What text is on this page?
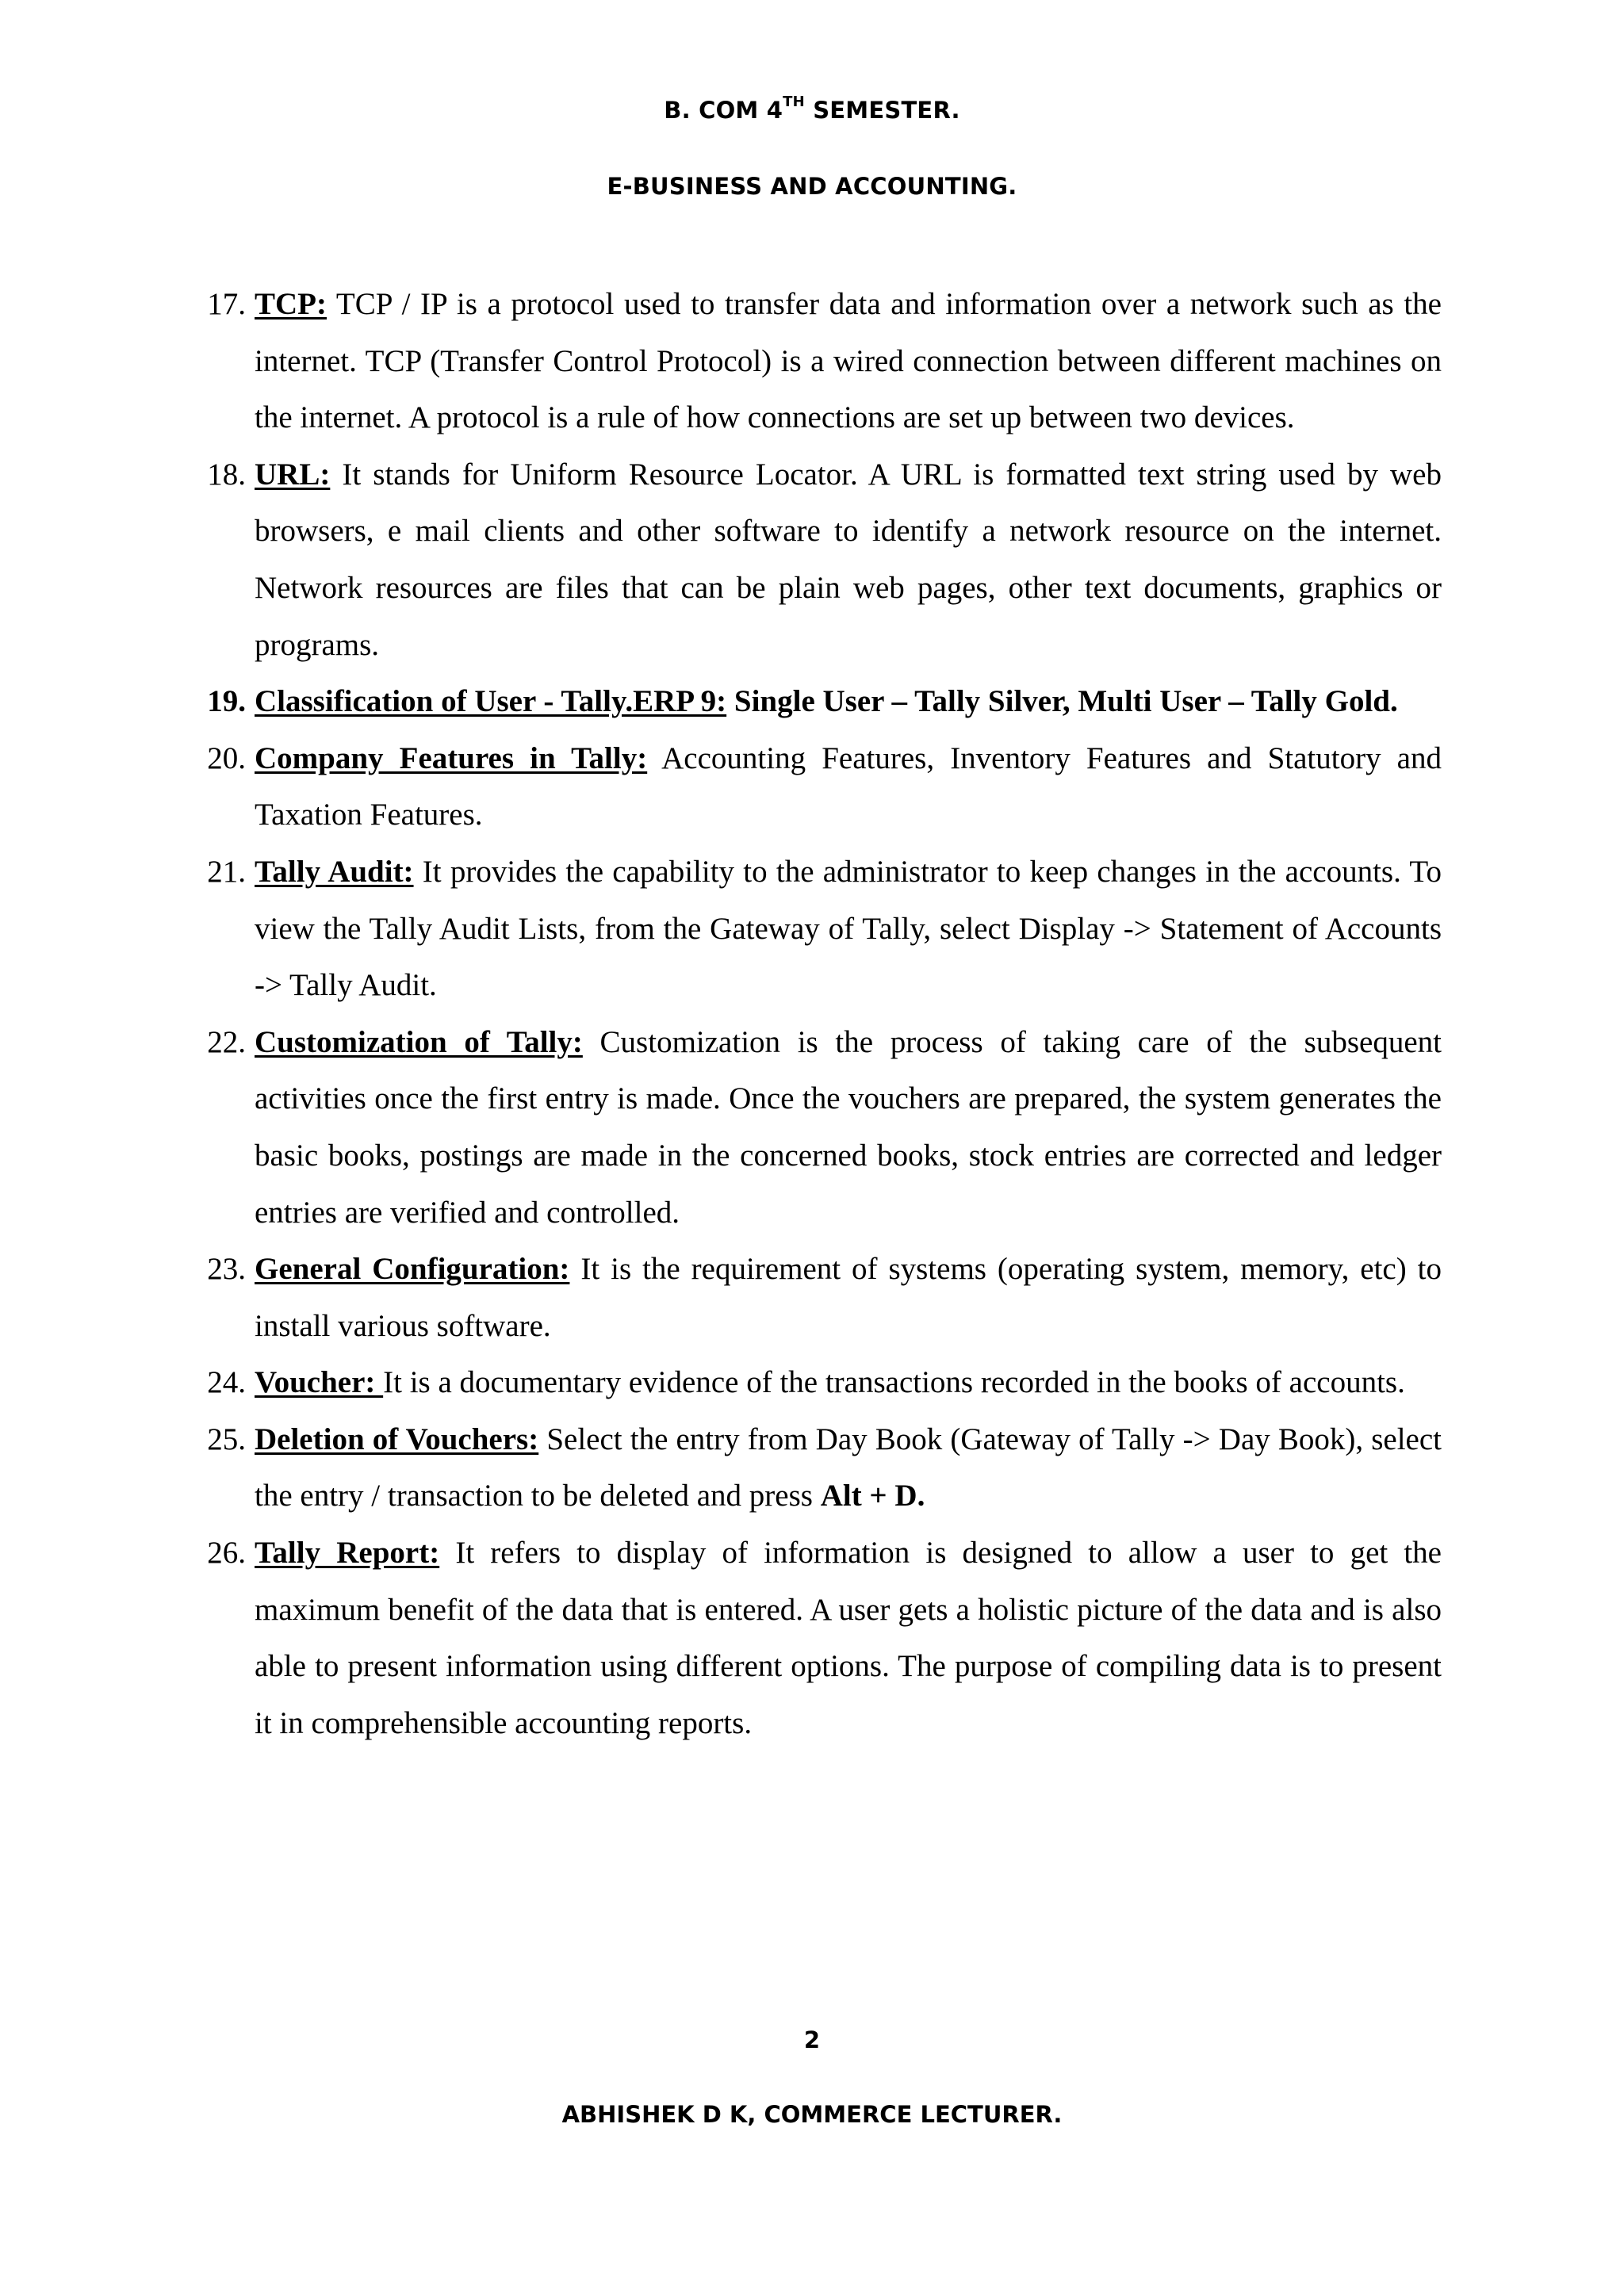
B. COM 4TH SEMESTER.
E-BUSINESS AND ACCOUNTING.
17. TCP: TCP / IP is a protocol used to transfer data and information over a network such as the internet. TCP (Transfer Control Protocol) is a wired connection between different machines on the internet. A protocol is a rule of how connections are set up between two devices.
18. URL: It stands for Uniform Resource Locator. A URL is formatted text string used by web browsers, e mail clients and other software to identify a network resource on the internet. Network resources are files that can be plain web pages, other text documents, graphics or programs.
19. Classification of User - Tally.ERP 9: Single User – Tally Silver, Multi User – Tally Gold.
20. Company Features in Tally: Accounting Features, Inventory Features and Statutory and Taxation Features.
21. Tally Audit: It provides the capability to the administrator to keep changes in the accounts. To view the Tally Audit Lists, from the Gateway of Tally, select Display -> Statement of Accounts -> Tally Audit.
22. Customization of Tally: Customization is the process of taking care of the subsequent activities once the first entry is made. Once the vouchers are prepared, the system generates the basic books, postings are made in the concerned books, stock entries are corrected and ledger entries are verified and controlled.
23. General Configuration: It is the requirement of systems (operating system, memory, etc) to install various software.
24. Voucher: It is a documentary evidence of the transactions recorded in the books of accounts.
25. Deletion of Vouchers: Select the entry from Day Book (Gateway of Tally -> Day Book), select the entry / transaction to be deleted and press Alt + D.
26. Tally Report: It refers to display of information is designed to allow a user to get the maximum benefit of the data that is entered. A user gets a holistic picture of the data and is also able to present information using different options. The purpose of compiling data is to present it in comprehensible accounting reports.
2
ABHISHEK D K, COMMERCE LECTURER.
